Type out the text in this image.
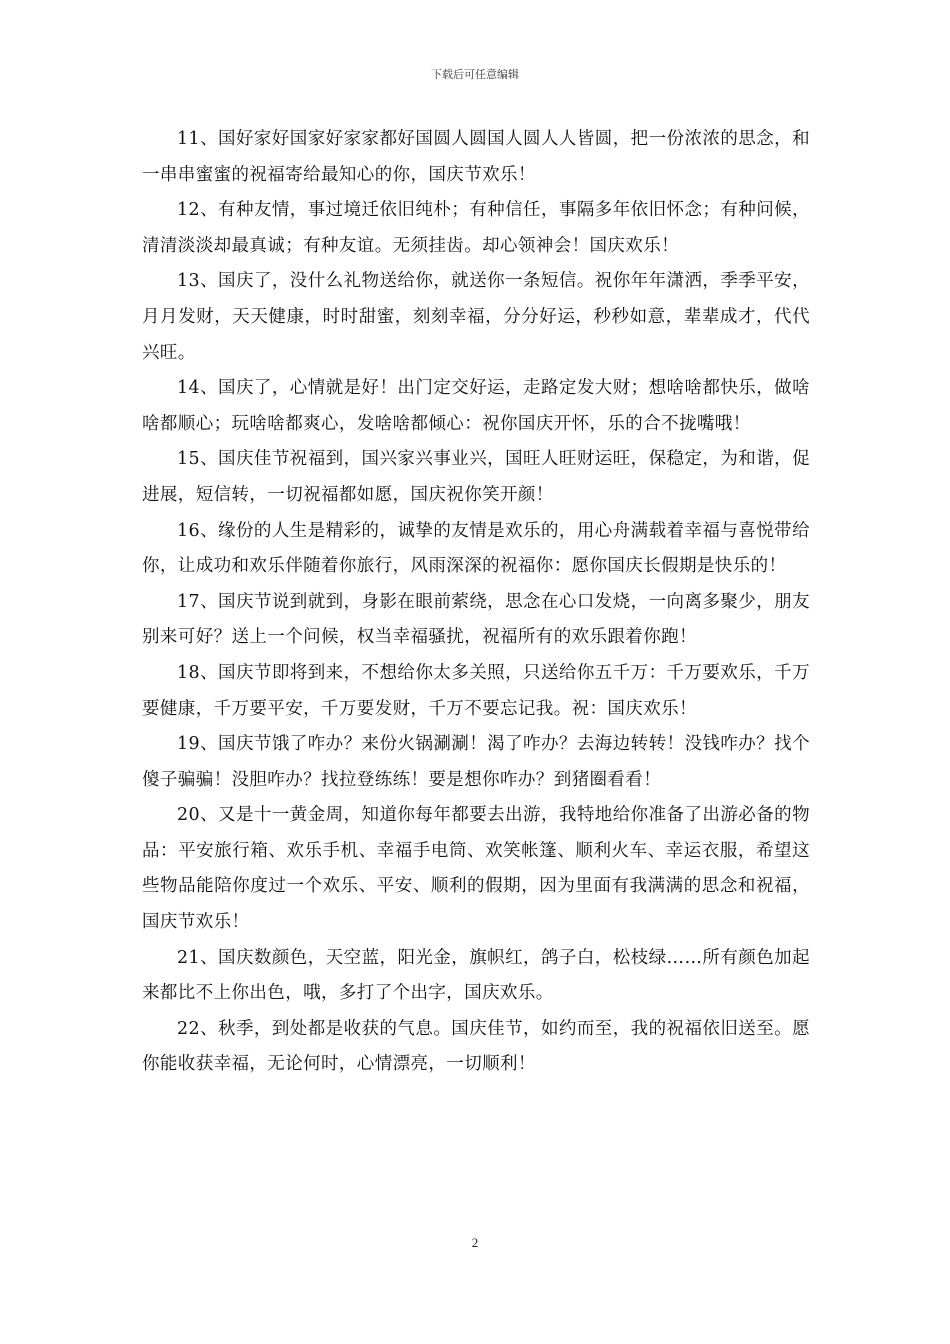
下载后可任意编辑

11、国好家好国家好家家都好国圆人圆国人圆人人皆圆，把一份浓浓的思念，和一串串蜜蜜的祝福寄给最知心的你，国庆节欢乐！

12、有种友情，事过境迁依旧纯朴；有种信任，事隔多年依旧怀念；有种问候，清清淡淡却最真诚；有种友谊。无须挂齿。却心领神会！国庆欢乐！

13、国庆了，没什么礼物送给你，就送你一条短信。祝你年年潇洒，季季平安，月月发财，天天健康，时时甜蜜，刻刻幸福，分分好运，秒秒如意，辈辈成才，代代兴旺。

14、国庆了，心情就是好！出门定交好运，走路定发大财；想啥啥都快乐，做啥啥都顺心；玩啥啥都爽心，发啥啥都倾心：祝你国庆开怀，乐的合不拢嘴哦！

15、国庆佳节祝福到，国兴家兴事业兴，国旺人旺财运旺，保稳定，为和谐，促进展，短信转，一切祝福都如愿，国庆祝你笑开颜！

16、缘份的人生是精彩的，诚挚的友情是欢乐的，用心舟满载着幸福与喜悦带给你，让成功和欢乐伴随着你旅行，风雨深深的祝福你：愿你国庆长假期是快乐的！

17、国庆节说到就到，身影在眼前萦绕，思念在心口发烧，一向离多聚少，朋友别来可好？送上一个问候，权当幸福骚扰，祝福所有的欢乐跟着你跑！

18、国庆节即将到来，不想给你太多关照，只送给你五千万：千万要欢乐，千万要健康，千万要平安，千万要发财，千万不要忘记我。祝：国庆欢乐！

19、国庆节饿了咋办？来份火锅涮涮！渴了咋办？去海边转转！没钱咋办？找个傻子骗骗！没胆咋办？找拉登练练！要是想你咋办？到猪圈看看！

20、又是十一黄金周，知道你每年都要去出游，我特地给你准备了出游必备的物品：平安旅行箱、欢乐手机、幸福手电筒、欢笑帐篷、顺利火车、幸运衣服，希望这些物品能陪你度过一个欢乐、平安、顺利的假期，因为里面有我满满的思念和祝福，国庆节欢乐！

21、国庆数颜色，天空蓝，阳光金，旗帜红，鸽子白，松枝绿……所有颜色加起来都比不上你出色，哦，多打了个出字，国庆欢乐。

22、秋季，到处都是收获的气息。国庆佳节，如约而至，我的祝福依旧送至。愿你能收获幸福，无论何时，心情漂亮，一切顺利！

2
